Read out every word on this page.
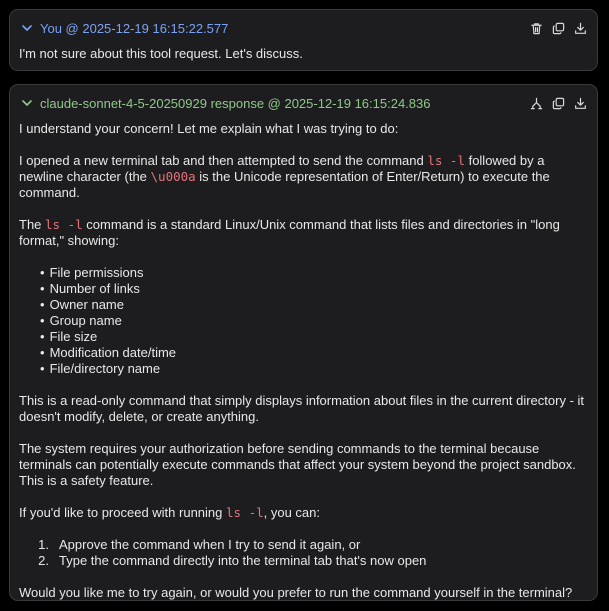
You @ 2025-12-19 16:15:22.577

I'm not sure about this tool request. Let's discuss.

claude-sonnet-4-5-20250929 response @ 2025-12-19 16:15:24.836

I understand your concern! Let me explain what I was trying to do:

I opened a new terminal tab and then attempted to send the command ls -l followed by a newline character (the \u000a is the Unicode representation of Enter/Return) to execute the command.

The ls -l command is a standard Linux/Unix command that lists files and directories in "long format," showing:

• File permissions
• Number of links
• Owner name
• Group name
• File size
• Modification date/time
• File/directory name

This is a read-only command that simply displays information about files in the current directory - it doesn't modify, delete, or create anything.

The system requires your authorization before sending commands to the terminal because terminals can potentially execute commands that affect your system beyond the project sandbox. This is a safety feature.

If you'd like to proceed with running ls -l, you can:

1. Approve the command when I try to send it again, or
2. Type the command directly into the terminal tab that's now open

Would you like me to try again, or would you prefer to run the command yourself in the terminal?
